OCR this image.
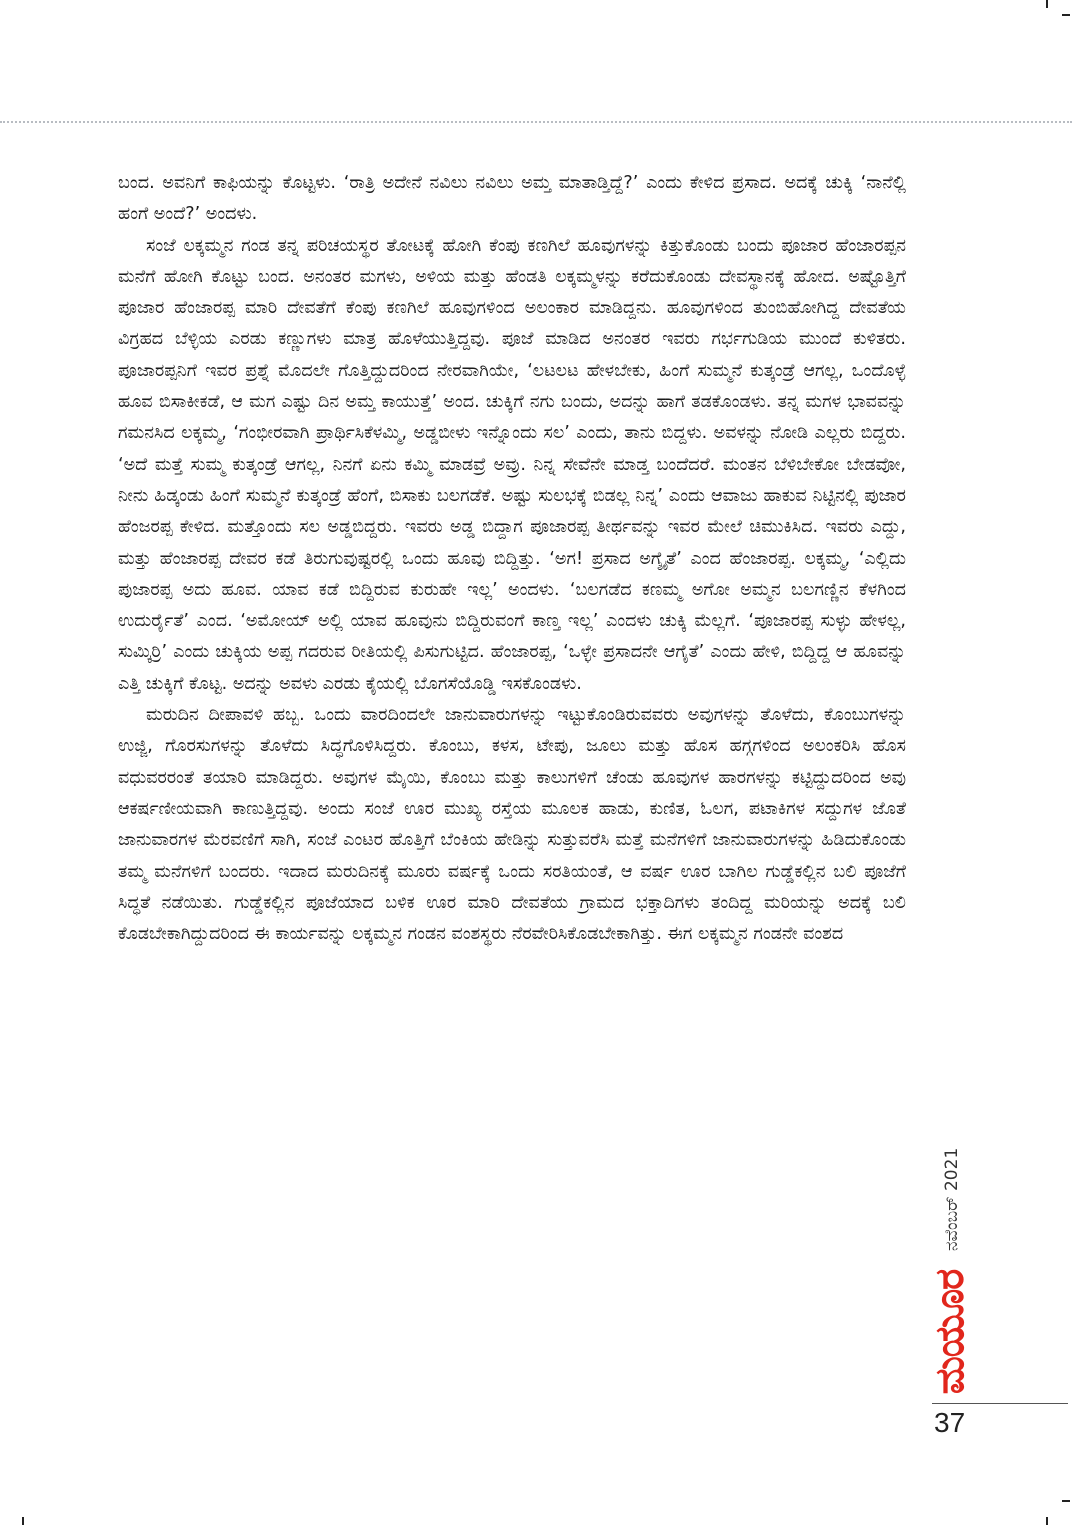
ಬಂದ. ಅವನಿಗೆ ಕಾಫಿಯನ್ನು ಕೊಟ್ಟಳು. ‘ರಾತ್ರಿ ಅದೇನೆ ನವಿಲು ನವಿಲು ಅಮ್ತ ಮಾತಾಡ್ತಿದ್ದೆ?’ ಎಂದು ಕೇಳಿದ ಪ್ರಸಾದ. ಅದಕ್ಕೆ ಚುಕ್ಕಿ ‘ನಾನೆಲ್ಲಿ ಹಂಗೆ ಅಂದೆ?’ ಅಂದಳು.

ಸಂಜೆ ಲಕ್ಕಮ್ಮನ ಗಂಡ ತನ್ನ ಪರಿಚಯಸ್ಥರ ತೋಟಕ್ಕೆ ಹೋಗಿ ಕೆಂಪು ಕಣಗಿಲೆ ಹೂವುಗಳನ್ನು ಕಿತ್ತುಕೊಂಡು ಬಂದು ಪೂಜಾರ ಹೆಂಜಾರಪ್ಪನ ಮನೆಗೆ ಹೋಗಿ ಕೊಟ್ಟು ಬಂದ. ಅನಂತರ ಮಗಳು, ಅಳಿಯ ಮತ್ತು ಹೆಂಡತಿ ಲಕ್ಕಮ್ಮಳನ್ನು ಕರೆದುಕೊಂಡು ದೇವಸ್ಥಾನಕ್ಕೆ ಹೋದ. ಅಷ್ಟೊತ್ತಿಗೆ ಪೂಜಾರ ಹೆಂಜಾರಪ್ಪ ಮಾರಿ ದೇವತೆಗೆ ಕೆಂಪು ಕಣಗಿಲೆ ಹೂವುಗಳಿಂದ ಅಲಂಕಾರ ಮಾಡಿದ್ದನು. ಹೂವುಗಳಿಂದ ತುಂಬಿಹೋಗಿದ್ದ ದೇವತೆಯ ವಿಗ್ರಹದ ಬೆಳ್ಳಿಯ ಎರಡು ಕಣ್ಣುಗಳು ಮಾತ್ರ ಹೊಳೆಯುತ್ತಿದ್ದವು. ಪೂಜೆ ಮಾಡಿದ ಅನಂತರ ಇವರು ಗರ್ಭಗುಡಿಯ ಮುಂದೆ ಕುಳಿತರು. ಪೂಜಾರಪ್ಪನಿಗೆ ಇವರ ಪ್ರಶ್ನೆ ಮೊದಲೇ ಗೊತ್ತಿದ್ದುದರಿಂದ ನೇರವಾಗಿಯೇ, ‘ಲಟಲಟ ಹೇಳಬೇಕು, ಹಿಂಗೆ ಸುಮ್ಮನೆ ಕುತ್ಕಂಡ್ರೆ ಆಗಲ್ಲ, ಒಂದೊಳ್ಳೆ ಹೂವ ಬಿಸಾಕೀಕಡೆ, ಆ ಮಗ ಎಷ್ಟು ದಿನ ಅಮ್ತ ಕಾಯುತ್ತೆ’ ಅಂದ. ಚುಕ್ಕಿಗೆ ನಗು ಬಂದು, ಅದನ್ನು ಹಾಗೆ ತಡಕೊಂಡಳು. ತನ್ನ ಮಗಳ ಭಾವವನ್ನು ಗಮನಸಿದ ಲಕ್ಕಮ್ಮ, ‘ಗಂಭೀರವಾಗಿ ಪ್ರಾರ್ಥಿಸಿಕೆಳಮ್ಮಿ, ಅಡ್ಡಬೀಳು ಇನ್ನೊಂದು ಸಲ’ ಎಂದು, ತಾನು ಬಿದ್ದಳು. ಅವಳನ್ನು ನೋಡಿ ಎಲ್ಲರು ಬಿದ್ದರು. ‘ಅದೆ ಮತ್ತೆ ಸುಮ್ಮ ಕುತ್ಕಂಡ್ರೆ ಆಗಲ್ಲ, ನಿನಗೆ ಏನು ಕಮ್ಮಿ ಮಾಡವ್ರೆ ಅವ್ರು. ನಿನ್ನ ಸೇವೆನೇ ಮಾಡ್ತ ಬಂದೆದರೆ. ಮಂತನ ಬೆಳಿಬೇಕೋ ಬೇಡವೋ, ನೀನು ಹಿಡ್ಕಂಡು ಹಿಂಗೆ ಸುಮ್ಮನೆ ಕುತ್ಕಂಡ್ರೆ ಹೆಂಗೆ, ಬಿಸಾಕು ಬಲಗಡೆಕೆ. ಅಷ್ಟು ಸುಲಭಕ್ಕೆ ಬಿಡಲ್ಲ ನಿನ್ನ’ ಎಂದು ಆವಾಜು ಹಾಕುವ ನಿಟ್ಟಿನಲ್ಲಿ ಪುಜಾರ ಹೆಂಜರಪ್ಪ ಕೇಳಿದ. ಮತ್ತೊಂದು ಸಲ ಅಡ್ಡಬಿದ್ದರು. ಇವರು ಅಡ್ಡ ಬಿದ್ದಾಗ ಪೂಜಾರಪ್ಪ ತೀರ್ಥವನ್ನು ಇವರ ಮೇಲೆ ಚಿಮುಕಿಸಿದ. ಇವರು ಎದ್ದು, ಮತ್ತು ಹೆಂಜಾರಪ್ಪ ದೇವರ ಕಡೆ ತಿರುಗುವುಷ್ಟರಲ್ಲಿ ಒಂದು ಹೂವು ಬಿದ್ದಿತ್ತು. ‘ಅಗ! ಪ್ರಸಾದ ಅಗ್ಶೈತೆ’ ಎಂದ ಹೆಂಜಾರಪ್ಪ. ಲಕ್ಕಮ್ಮ, ‘ಎಲ್ಲಿದು ಪುಜಾರಪ್ಪ ಅದು ಹೂವ. ಯಾವ ಕಡೆ ಬಿದ್ದಿರುವ ಕುರುಹೇ ಇಲ್ಲ’ ಅಂದಳು. ‘ಬಲಗಡೆದ ಕಣಮ್ಮ ಅಗೋ ಅಮ್ಮನ ಬಲಗಣ್ಣಿನ ಕೆಳಗಿಂದ ಉದುರ್ರೈತೆ’ ಎಂದ. ‘ಅಮೋಯ್ ಅಲ್ಲಿ ಯಾವ ಹೂವುನು ಬಿದ್ದಿರುವಂಗೆ ಕಾಣ್ತ ಇಲ್ಲ’ ಎಂದಳು ಚುಕ್ಕಿ ಮೆಲ್ಲಗೆ. ‘ಪೂಜಾರಪ್ಪ ಸುಳ್ಳು ಹೇಳಲ್ಲ, ಸುಮ್ಕಿರ್ರಿ’ ಎಂದು ಚುಕ್ಕಿಯ ಅಪ್ಪ ಗದರುವ ರೀತಿಯಲ್ಲಿ ಪಿಸುಗುಟ್ಟಿದ. ಹೆಂಜಾರಪ್ಪ, ‘ಒಳ್ಳೇ ಪ್ರಸಾದನೇ ಆಗೈತೆ’ ಎಂದು ಹೇಳಿ, ಬಿದ್ದಿದ್ದ ಆ ಹೂವನ್ನು ಎತ್ತಿ ಚುಕ್ಕಿಗೆ ಕೊಟ್ಟ. ಅದನ್ನು ಅವಳು ಎರಡು ಕೈಯಲ್ಲಿ ಬೊಗಸೆಯೊಡ್ಡಿ ಇಸಕೊಂಡಳು.

ಮರುದಿನ ದೀಪಾವಳಿ ಹಬ್ಬ. ಒಂದು ವಾರದಿಂದಲೇ ಜಾನುವಾರುಗಳನ್ನು ಇಟ್ಟುಕೊಂಡಿರುವವರು ಅವುಗಳನ್ನು ತೊಳೆದು, ಕೊಂಬುಗಳನ್ನು ಉಜ್ಜಿ, ಗೊರಸುಗಳನ್ನು ತೊಳೆದು ಸಿದ್ಧಗೊಳಿಸಿದ್ದರು. ಕೊಂಬು, ಕಳಸ, ಟೇಪು, ಜೂಲು ಮತ್ತು ಹೊಸ ಹಗ್ಗಗಳಿಂದ ಅಲಂಕರಿಸಿ ಹೊಸ ವಧುವರರಂತೆ ತಯಾರಿ ಮಾಡಿದ್ದರು. ಅವುಗಳ ಮೈಯಿ, ಕೊಂಬು ಮತ್ತು ಕಾಲುಗಳಿಗೆ ಚೆಂಡು ಹೂವುಗಳ ಹಾರಗಳನ್ನು ಕಟ್ಟಿದ್ದುದರಿಂದ ಅವು ಆಕರ್ಷಣೀಯವಾಗಿ ಕಾಣುತ್ತಿದ್ದವು. ಅಂದು ಸಂಜೆ ಊರ ಮುಖ್ಯ ರಸ್ತೆಯ ಮೂಲಕ ಹಾಡು, ಕುಣಿತ, ಓಲಗ, ಪಟಾಕಿಗಳ ಸದ್ದುಗಳ ಜೊತೆ ಜಾನುವಾರಗಳ ಮೆರವಣಿಗೆ ಸಾಗಿ, ಸಂಜೆ ಎಂಟರ ಹೊತ್ತಿಗೆ ಬೆಂಕಿಯ ಹೇಡಿನ್ನು ಸುತ್ತುವರೆಸಿ ಮತ್ತೆ ಮನೆಗಳಿಗೆ ಜಾನುವಾರುಗಳನ್ನು ಹಿಡಿದುಕೊಂಡು ತಮ್ಮ ಮನೆಗಳಿಗೆ ಬಂದರು. ಇದಾದ ಮರುದಿನಕ್ಕೆ ಮೂರು ವರ್ಷಕ್ಕೆ ಒಂದು ಸರತಿಯಂತೆ, ಆ ವರ್ಷ ಊರ ಬಾಗಿಲ ಗುಡ್ಡೆಕಲ್ಲಿನ ಬಲಿ ಪೂಜೆಗೆ ಸಿದ್ಧತೆ ನಡೆಯಿತು. ಗುಡ್ಡೆಕಲ್ಲಿನ ಪೂಜೆಯಾದ ಬಳಿಕ ಊರ ಮಾರಿ ದೇವತೆಯ ಗ್ರಾಮದ ಭಕ್ತಾದಿಗಳು ತಂದಿದ್ದ ಮರಿಯನ್ನು ಅದಕ್ಕೆ ಬಲಿ ಕೊಡಬೇಕಾಗಿದ್ದುದರಿಂದ ಈ ಕಾರ್ಯವನ್ನು ಲಕ್ಕಮ್ಮನ ಗಂಡನ ವಂಶಸ್ಥರು ನೆರವೇರಿಸಿಕೊಡಬೇಕಾಗಿತ್ತು. ಈಗ ಲಕ್ಕಮ್ಮನ ಗಂಡನೇ ವಂಶದ

ನವೆಂಬರ್ 2021
ಮಯೂರ
37
